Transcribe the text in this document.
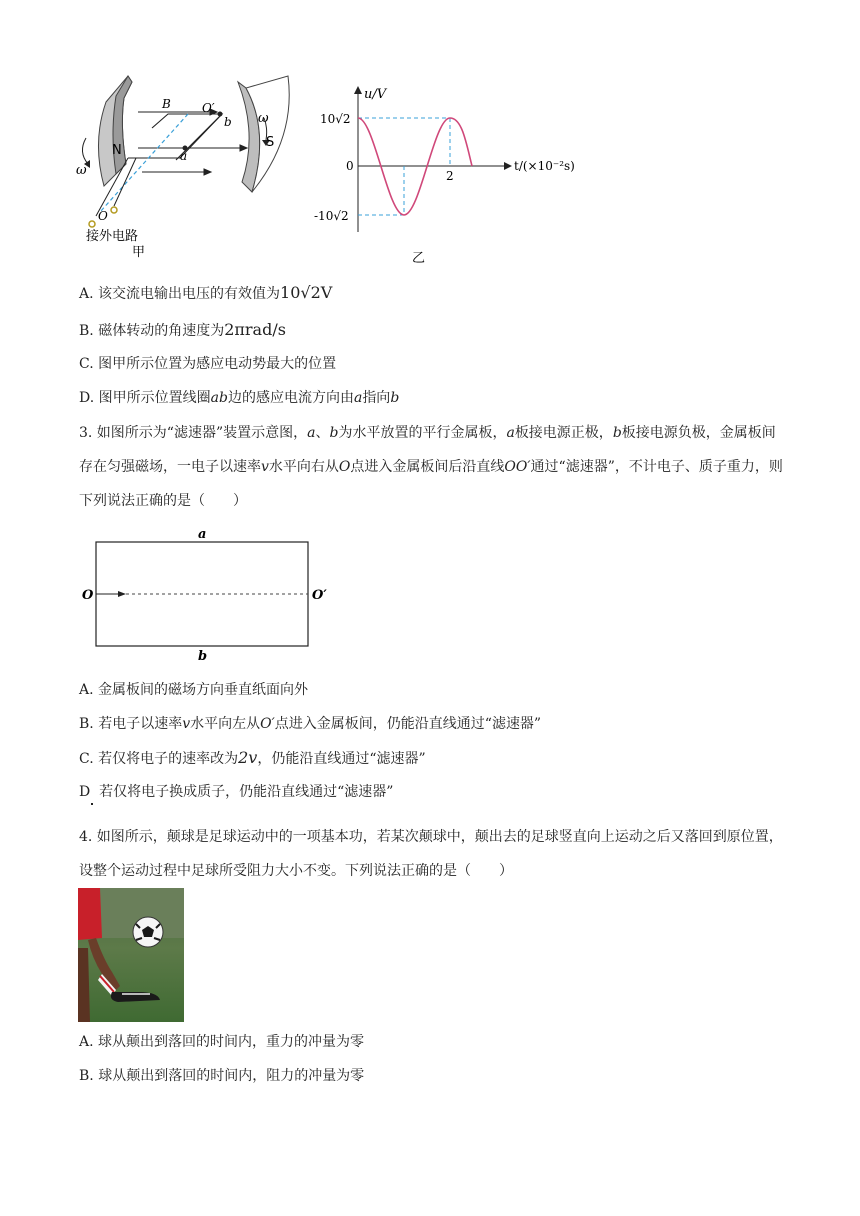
B	O′
b
a
N
S
ω
ω
O
接外电路
甲
u/V
t/(×10⁻²s)
10√2
0
-10√2
2
乙
A. 该交流电输出电压的有效值为10√2V
B. 磁体转动的角速度为2πrad/s
C. 图甲所示位置为感应电动势最大的位置
D. 图甲所示位置线圈ab边的感应电流方向由a指向b
3. 如图所示为“滤速器”装置示意图，a、b为水平放置的平行金属板，a板接电源正极，b板接电源负极，金属板间存在匀强磁场，一电子以速率v水平向右从O点进入金属板间后沿直线OO′通过“滤速器”，不计电子、质子重力，则下列说法正确的是（　　）
a
b
O	O′
A. 金属板间的磁场方向垂直纸面向外
B. 若电子以速率v水平向左从O′点进入金属板间，仍能沿直线通过“滤速器”
C. 若仅将电子的速率改为2v，仍能沿直线通过“滤速器”
D 若仅将电子换成质子，仍能沿直线通过“滤速器”
4. 如图所示，颠球是足球运动中的一项基本功，若某次颠球中，颠出去的足球竖直向上运动之后又落回到原位置，设整个运动过程中足球所受阻力大小不变。下列说法正确的是（　　）
A. 球从颠出到落回的时间内，重力的冲量为零
B. 球从颠出到落回的时间内，阻力的冲量为零
